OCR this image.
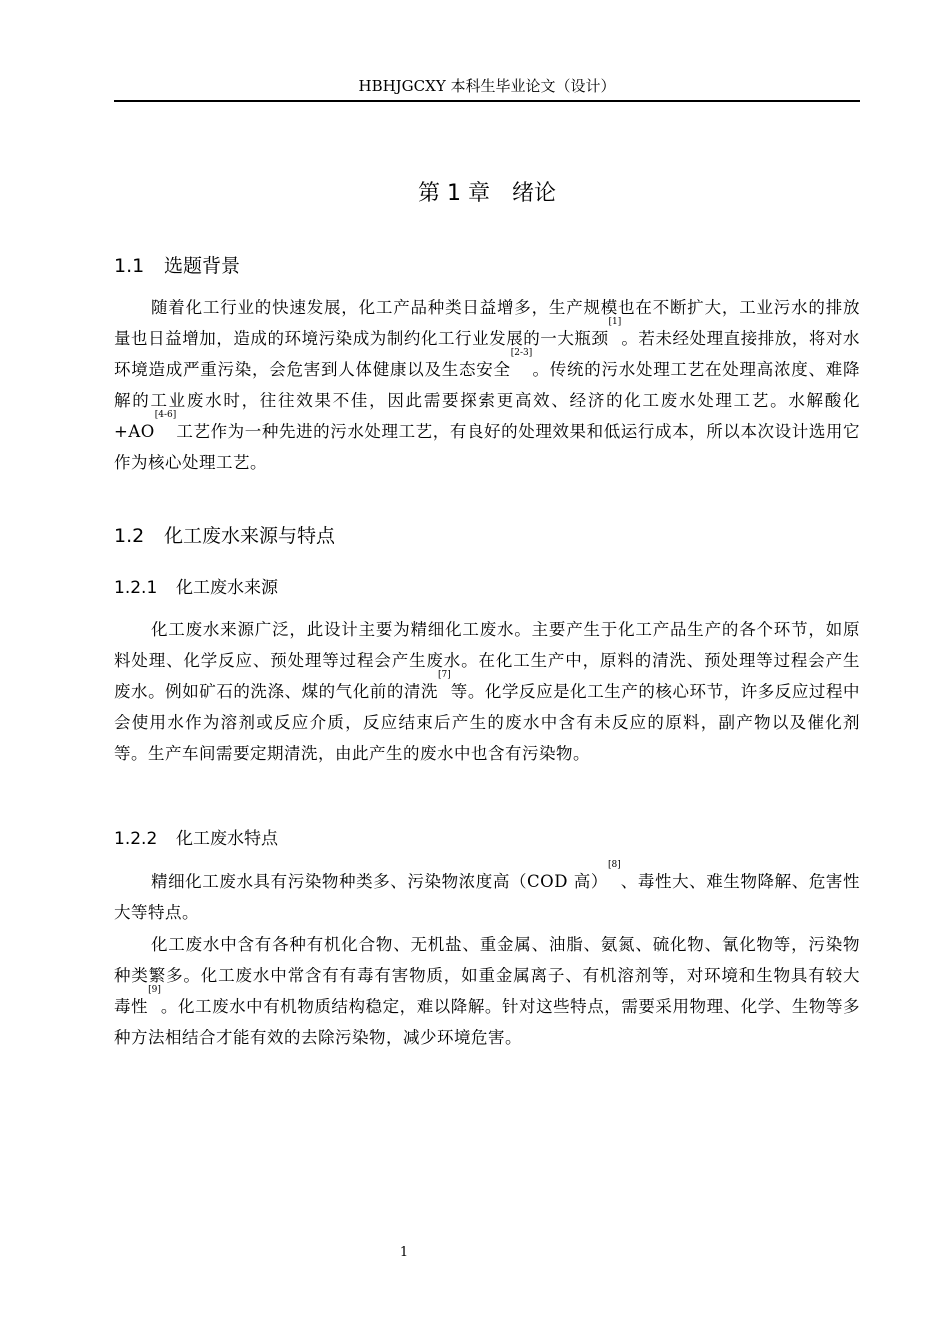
HBHJGCXY 本科生毕业论文（设计）
第 1 章 绪论
1.1 选题背景

随着化工行业的快速发展，化工产品种类日益增多，生产规模也在不断扩大，工业污水的排放量也日益增加，造成的环境污染成为制约化工行业发展的一大瓶颈[1]。若未经处理直接排放，将对水环境造成严重污染，会危害到人体健康以及生态安全[2-3]。传统的污水处理工艺在处理高浓度、难降解的工业废水时，往往效果不佳，因此需要探索更高效、经济的化工废水处理工艺。水解酸化+AO[4-6]工艺作为一种先进的污水处理工艺，有良好的处理效果和低运行成本，所以本次设计选用它作为核心处理工艺。

1.2 化工废水来源与特点
1.2.1 化工废水来源

化工废水来源广泛，此设计主要为精细化工废水。主要产生于化工产品生产的各个环节，如原料处理、化学反应、预处理等过程会产生废水。在化工生产中，原料的清洗、预处理等过程会产生废水。例如矿石的洗涤、煤的气化前的清洗[7]等。化学反应是化工生产的核心环节，许多反应过程中会使用水作为溶剂或反应介质，反应结束后产生的废水中含有未反应的原料，副产物以及催化剂等。生产车间需要定期清洗，由此产生的废水中也含有污染物。

1.2.2 化工废水特点

精细化工废水具有污染物种类多、污染物浓度高（COD 高）[8]、毒性大、难生物降解、危害性大等特点。

化工废水中含有各种有机化合物、无机盐、重金属、油脂、氨氮、硫化物、氰化物等，污染物种类繁多。化工废水中常含有有毒有害物质，如重金属离子、有机溶剂等，对环境和生物具有较大毒性[9]。化工废水中有机物质结构稳定，难以降解。针对这些特点，需要采用物理、化学、生物等多种方法相结合才能有效的去除污染物，减少环境危害。

1
